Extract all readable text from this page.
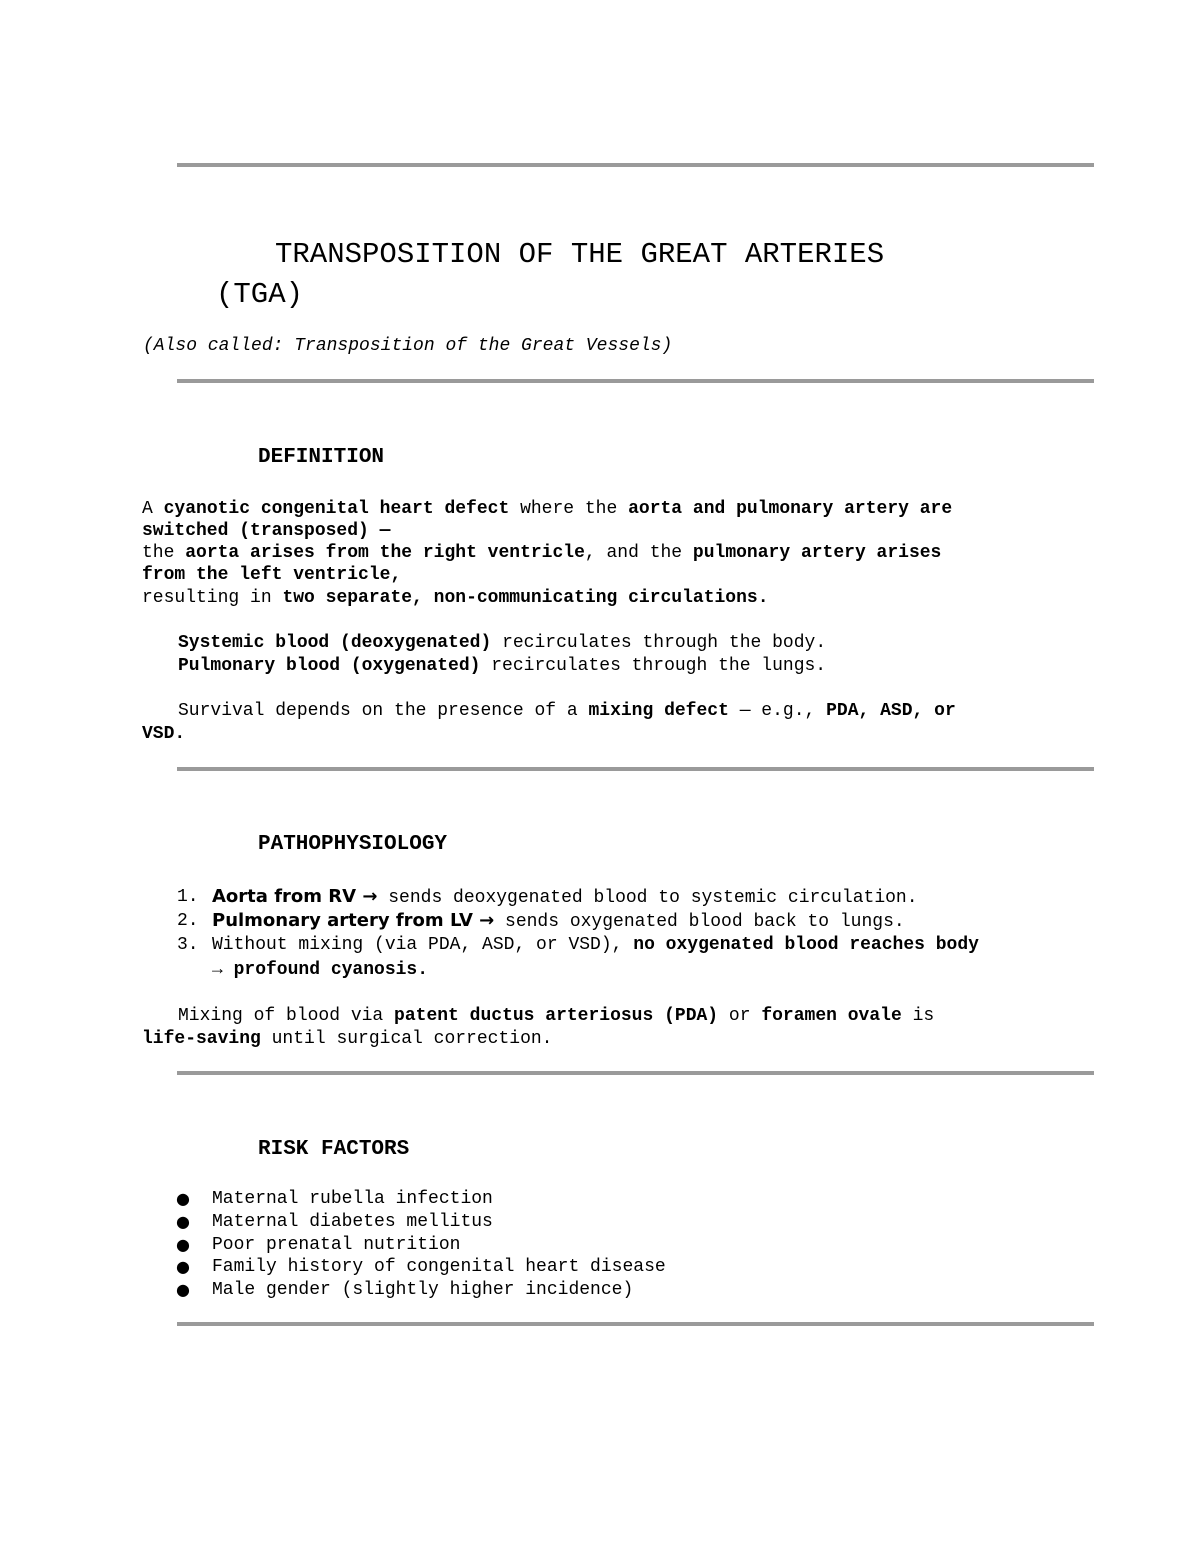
TRANSPOSITION OF THE GREAT ARTERIES
(TGA)
(Also called: Transposition of the Great Vessels)
DEFINITION
A cyanotic congenital heart defect where the aorta and pulmonary artery are
switched (transposed) —
the aorta arises from the right ventricle, and the pulmonary artery arises
from the left ventricle,
resulting in two separate, non-communicating circulations.
Systemic blood (deoxygenated) recirculates through the body.
Pulmonary blood (oxygenated) recirculates through the lungs.
Survival depends on the presence of a mixing defect — e.g., PDA, ASD, or
VSD.
PATHOPHYSIOLOGY
1. Aorta from RV → sends deoxygenated blood to systemic circulation.
2. Pulmonary artery from LV → sends oxygenated blood back to lungs.
3. Without mixing (via PDA, ASD, or VSD), no oxygenated blood reaches body
→ profound cyanosis.
Mixing of blood via patent ductus arteriosus (PDA) or foramen ovale is
life-saving until surgical correction.
RISK FACTORS
● Maternal rubella infection
● Maternal diabetes mellitus
● Poor prenatal nutrition
● Family history of congenital heart disease
● Male gender (slightly higher incidence)
